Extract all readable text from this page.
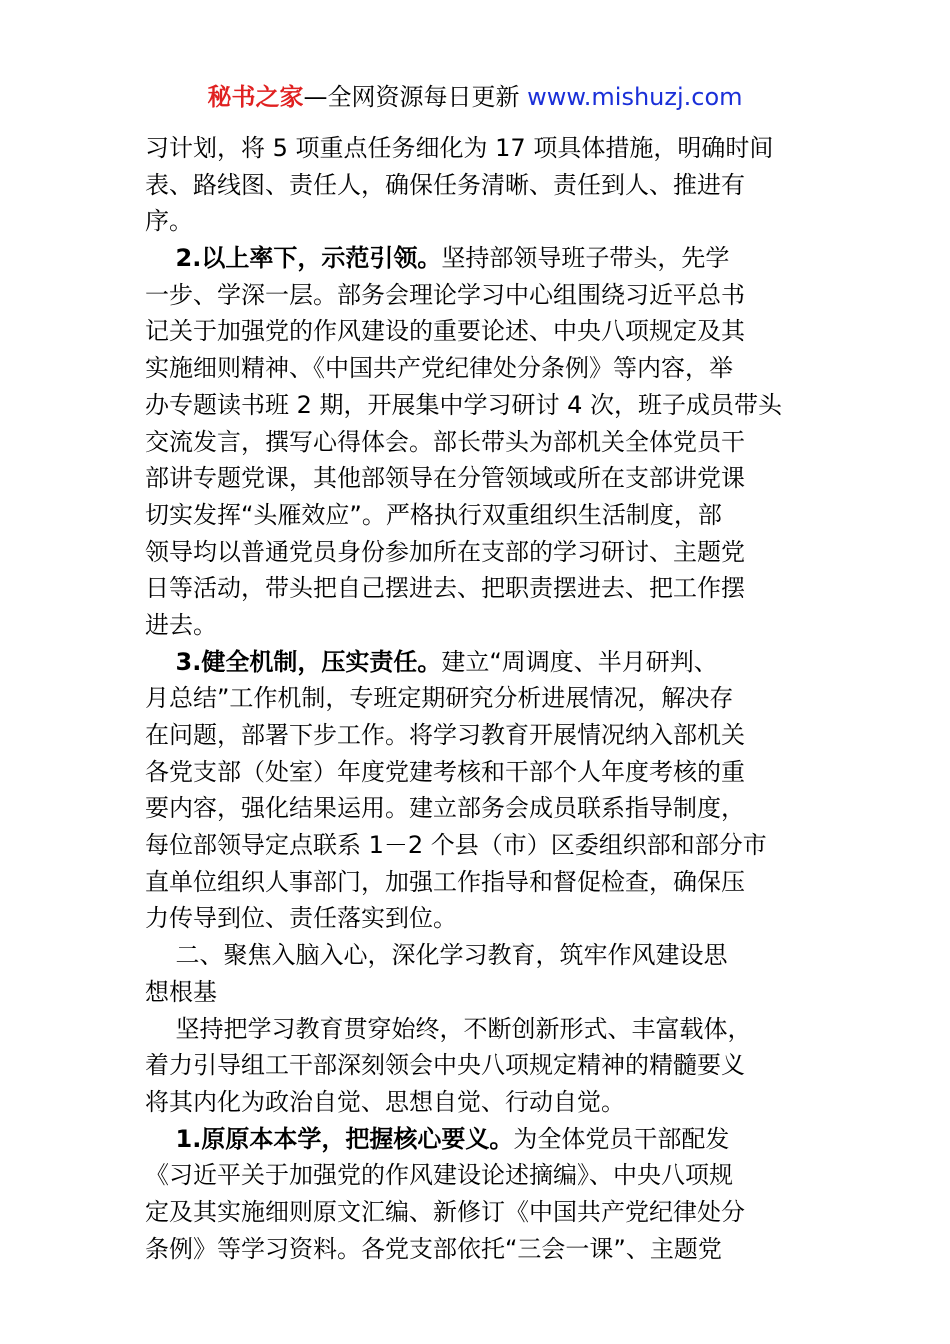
秘书之家—全网资源每日更新 www.mishuzj.com
习计划，将 5 项重点任务细化为 17 项具体措施，明确时间
表、路线图、责任人，确保任务清晰、责任到人、推进有
序。
2.以上率下，示范引领。坚持部领导班子带头，先学
一步、学深一层。部务会理论学习中心组围绕习近平总书
记关于加强党的作风建设的重要论述、中央八项规定及其
实施细则精神、《中国共产党纪律处分条例》等内容，举
办专题读书班 2 期，开展集中学习研讨 4 次，班子成员带头
交流发言，撰写心得体会。部长带头为部机关全体党员干
部讲专题党课，其他部领导在分管领域或所在支部讲党课
切实发挥“头雁效应”。严格执行双重组织生活制度，部
领导均以普通党员身份参加所在支部的学习研讨、主题党
日等活动，带头把自己摆进去、把职责摆进去、把工作摆
进去。
3.健全机制，压实责任。建立“周调度、半月研判、
月总结”工作机制，专班定期研究分析进展情况，解决存
在问题，部署下步工作。将学习教育开展情况纳入部机关
各党支部（处室）年度党建考核和干部个人年度考核的重
要内容，强化结果运用。建立部务会成员联系指导制度，
每位部领导定点联系 1－2 个县（市）区委组织部和部分市
直单位组织人事部门，加强工作指导和督促检查，确保压
力传导到位、责任落实到位。
二、聚焦入脑入心，深化学习教育，筑牢作风建设思
想根基
坚持把学习教育贯穿始终，不断创新形式、丰富载体，
着力引导组工干部深刻领会中央八项规定精神的精髓要义
将其内化为政治自觉、思想自觉、行动自觉。
1.原原本本学，把握核心要义。为全体党员干部配发
《习近平关于加强党的作风建设论述摘编》、中央八项规
定及其实施细则原文汇编、新修订《中国共产党纪律处分
条例》等学习资料。各党支部依托“三会一课”、主题党
